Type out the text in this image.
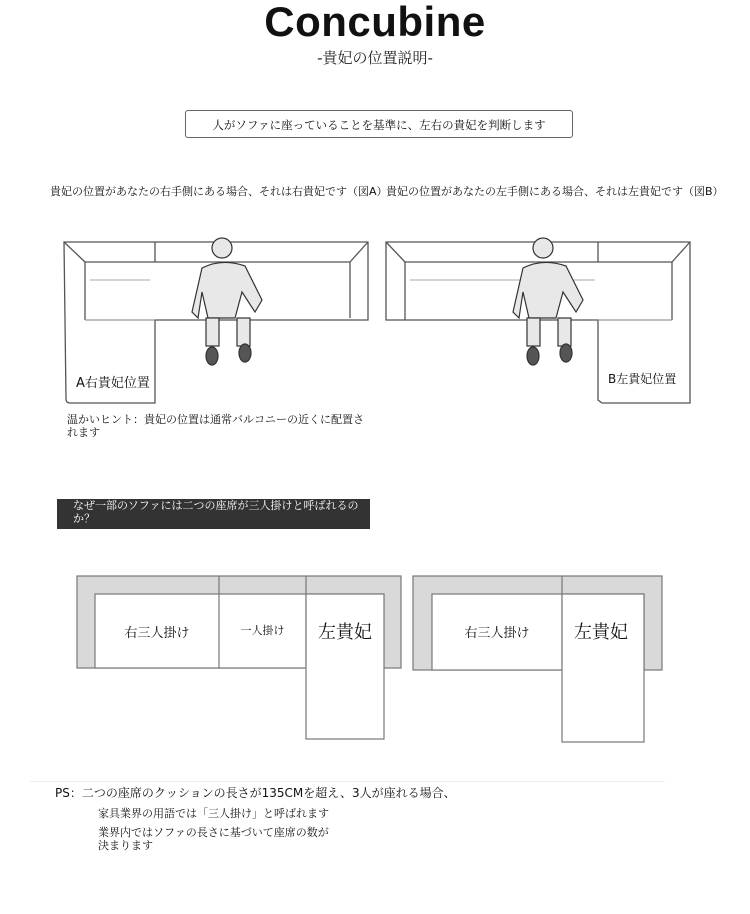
Concubine
-貴妃の位置説明-
人がソファに座っていることを基準に、左右の貴妃を判断します
貴妃の位置があなたの右手側にある場合、それは右貴妃です（図A）
貴妃の位置があなたの左手側にある場合、それは左貴妃です（図B）
A右貴妃位置	B左貴妃位置
温かいヒント：貴妃の位置は通常バルコニーの近くに配置されます
なぜ一部のソファには二つの座席が三人掛けと呼ばれるのか？
右三人掛け	一人掛け	左貴妃	右三人掛け	左貴妃
PS：二つの座席のクッションの長さが135CMを超え、3人が座れる場合、
家具業界の用語では「三人掛け」と呼ばれます
業界内ではソファの長さに基づいて座席の数が決まります
